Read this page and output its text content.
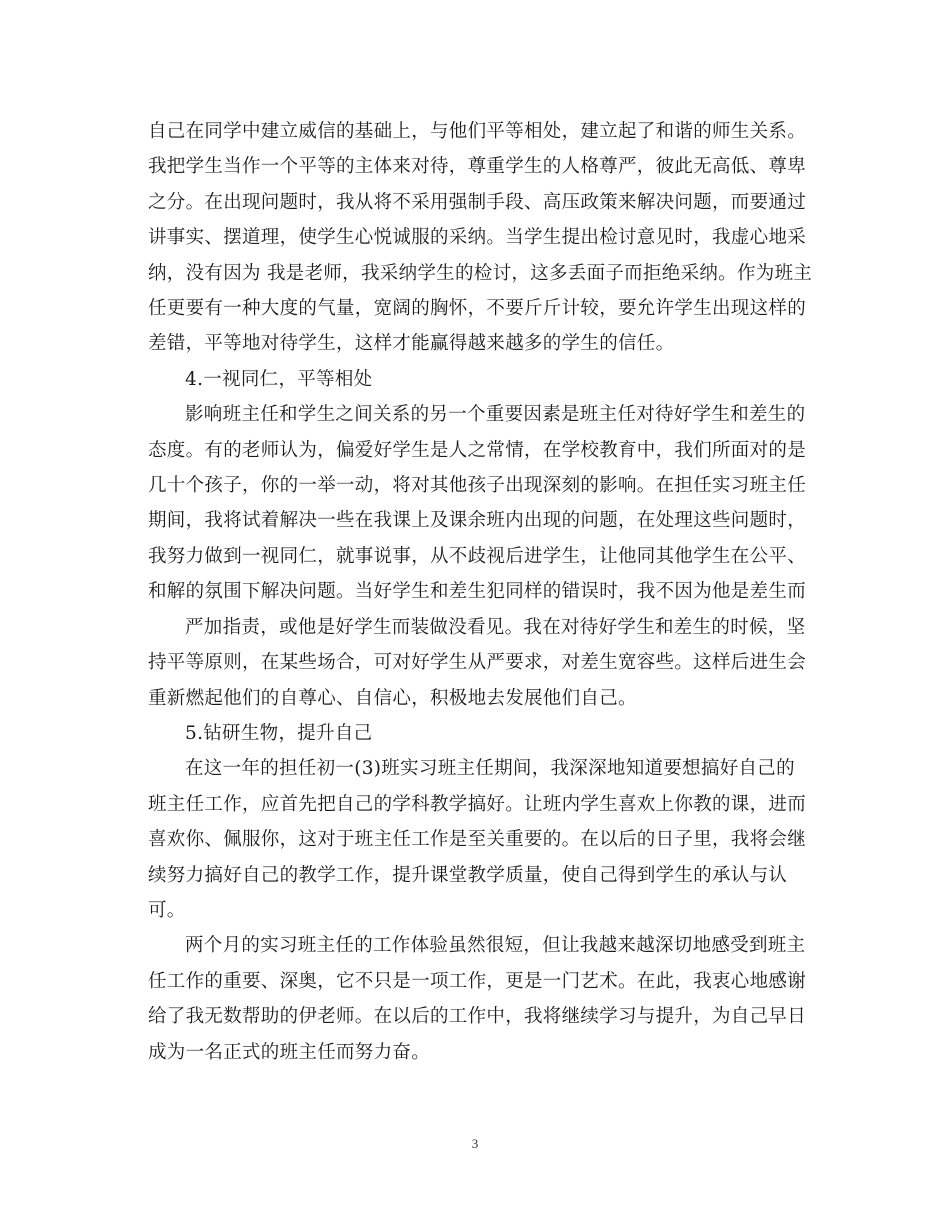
自己在同学中建立威信的基础上，与他们平等相处，建立起了和谐的师生关系。

我把学生当作一个平等的主体来对待，尊重学生的人格尊严，彼此无高低、尊卑

之分。在出现问题时，我从将不采用强制手段、高压政策来解决问题，而要通过

讲事实、摆道理，使学生心悦诚服的采纳。当学生提出检讨意见时，我虚心地采

纳，没有因为 我是老师，我采纳学生的检讨，这多丢面子而拒绝采纳。作为班主

任更要有一种大度的气量，宽阔的胸怀，不要斤斤计较，要允许学生出现这样的

差错，平等地对待学生，这样才能赢得越来越多的学生的信任。

4.一视同仁，平等相处

影响班主任和学生之间关系的另一个重要因素是班主任对待好学生和差生的

态度。有的老师认为，偏爱好学生是人之常情，在学校教育中，我们所面对的是

几十个孩子，你的一举一动，将对其他孩子出现深刻的影响。在担任实习班主任

期间，我将试着解决一些在我课上及课余班内出现的问题，在处理这些问题时，

我努力做到一视同仁，就事说事，从不歧视后进学生，让他同其他学生在公平、

和解的氛围下解决问题。当好学生和差生犯同样的错误时，我不因为他是差生而

严加指责，或他是好学生而装做没看见。我在对待好学生和差生的时候，坚

持平等原则，在某些场合，可对好学生从严要求，对差生宽容些。这样后进生会

重新燃起他们的自尊心、自信心，积极地去发展他们自己。

5.钻研生物，提升自己

在这一年的担任初一(3)班实习班主任期间，我深深地知道要想搞好自己的

班主任工作，应首先把自己的学科教学搞好。让班内学生喜欢上你教的课，进而

喜欢你、佩服你，这对于班主任工作是至关重要的。在以后的日子里，我将会继

续努力搞好自己的教学工作，提升课堂教学质量，使自己得到学生的承认与认

可。

两个月的实习班主任的工作体验虽然很短，但让我越来越深切地感受到班主

任工作的重要、深奥，它不只是一项工作，更是一门艺术。在此，我衷心地感谢

给了我无数帮助的伊老师。在以后的工作中，我将继续学习与提升，为自己早日

成为一名正式的班主任而努力奋。

3
